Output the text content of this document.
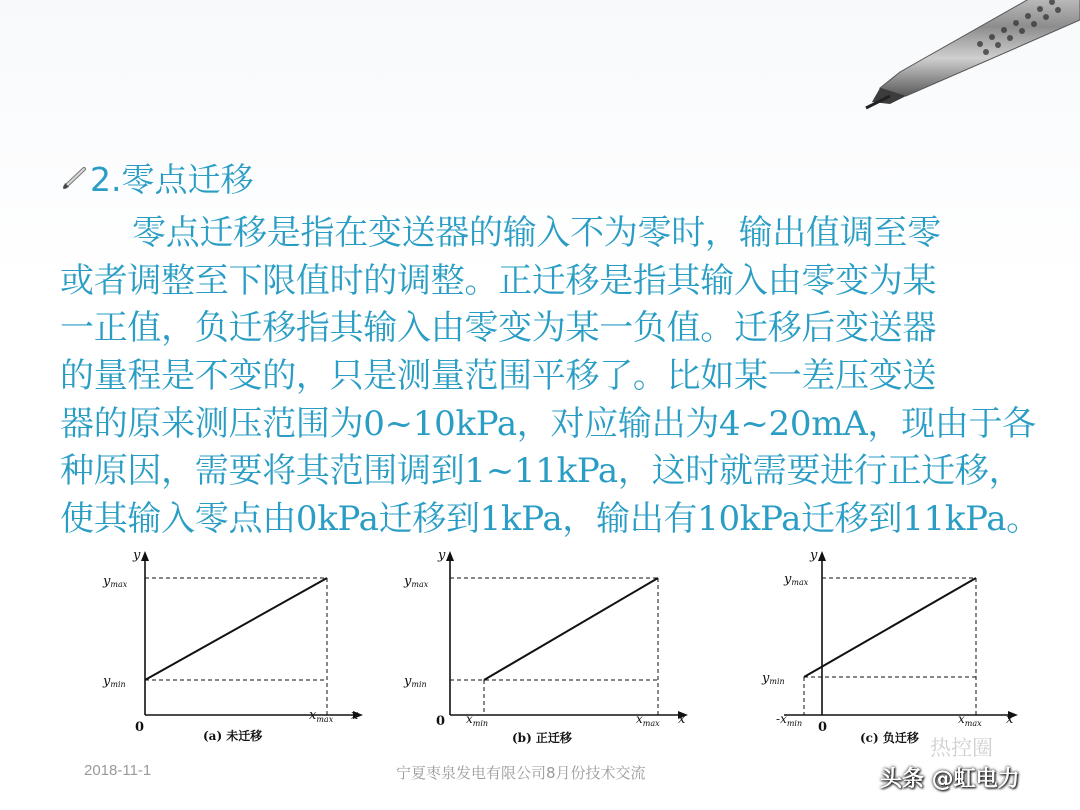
2.零点迁移
零点迁移是指在变送器的输入不为零时，输出值调至零
或者调整至下限值时的调整。正迁移是指其输入由零变为某
一正值，负迁移指其输入由零变为某一负值。迁移后变送器
的量程是不变的，只是测量范围平移了。比如某一差压变送
器的原来测压范围为0~10kPa，对应输出为4~20mA，现由于各
种原因，需要将其范围调到1~11kPa，这时就需要进行正迁移，
使其输入零点由0kPa迁移到1kPa，输出有10kPa迁移到11kPa。
y
ymax
ymin
0
$x_{max}$ x
(a) 未迁移
y
ymax
ymin
0 $x_{min}$	$x_{max}$ x
(b) 正迁移
y
ymax
ymin
$-x_{min}$ 0
$x_{max}$ x
(c) 负迁移
2018-11-1	宁夏枣泉发电有限公司8月份技术交流
热控圈
头条 @虹电力
